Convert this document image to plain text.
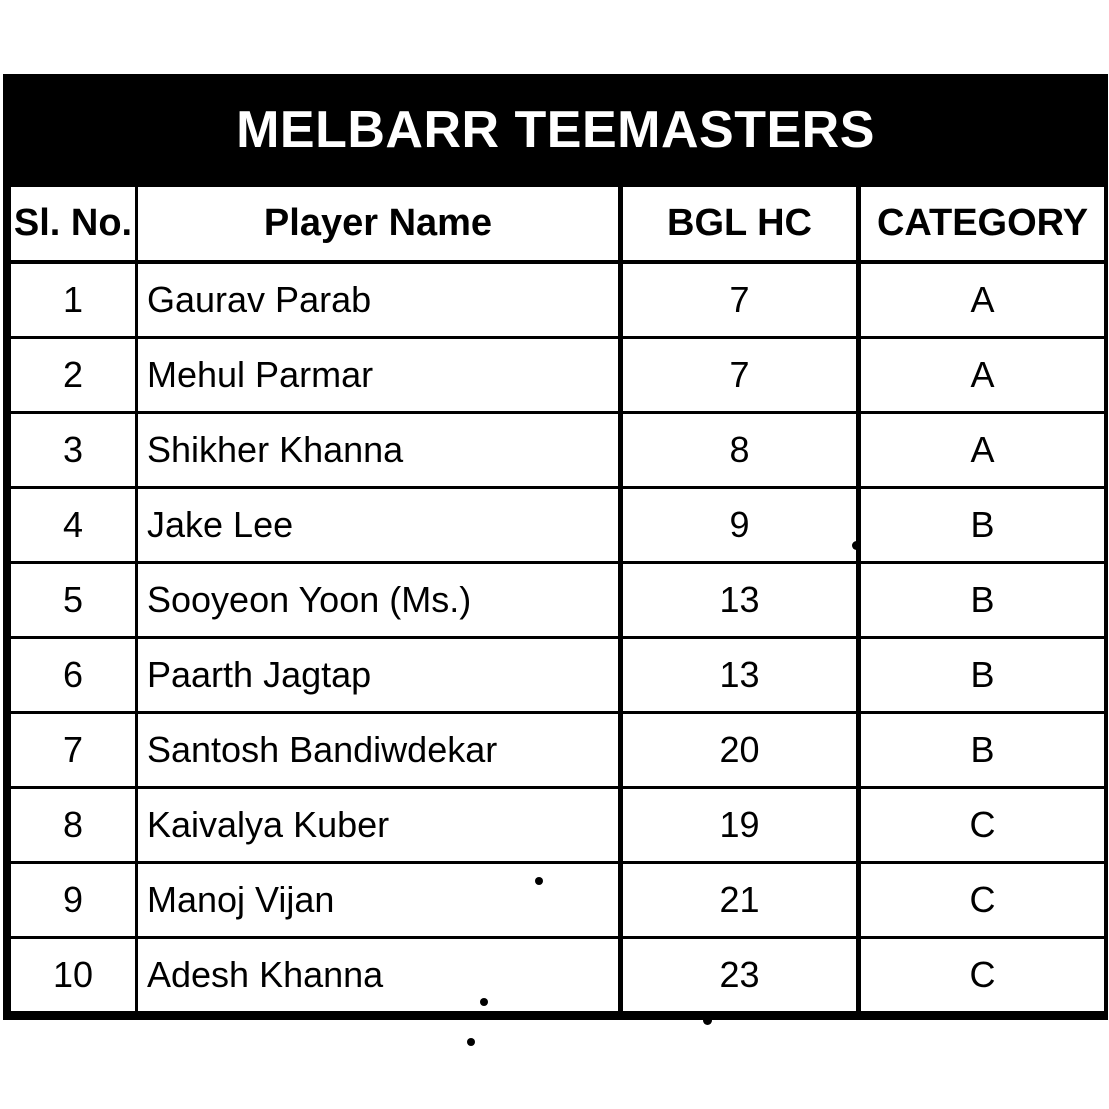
MELBARR TEEMASTERS
Sl. No.	Player Name	BGL HC	CATEGORY
1	Gaurav Parab	7	A
2	Mehul Parmar	7	A
3	Shikher Khanna	8	A
4	Jake Lee	9	B
5	Sooyeon Yoon (Ms.)	13	B
6	Paarth Jagtap	13	B
7	Santosh Bandiwdekar	20	B
8	Kaivalya Kuber	19	C
9	Manoj Vijan	21	C
10	Adesh Khanna	23	C
